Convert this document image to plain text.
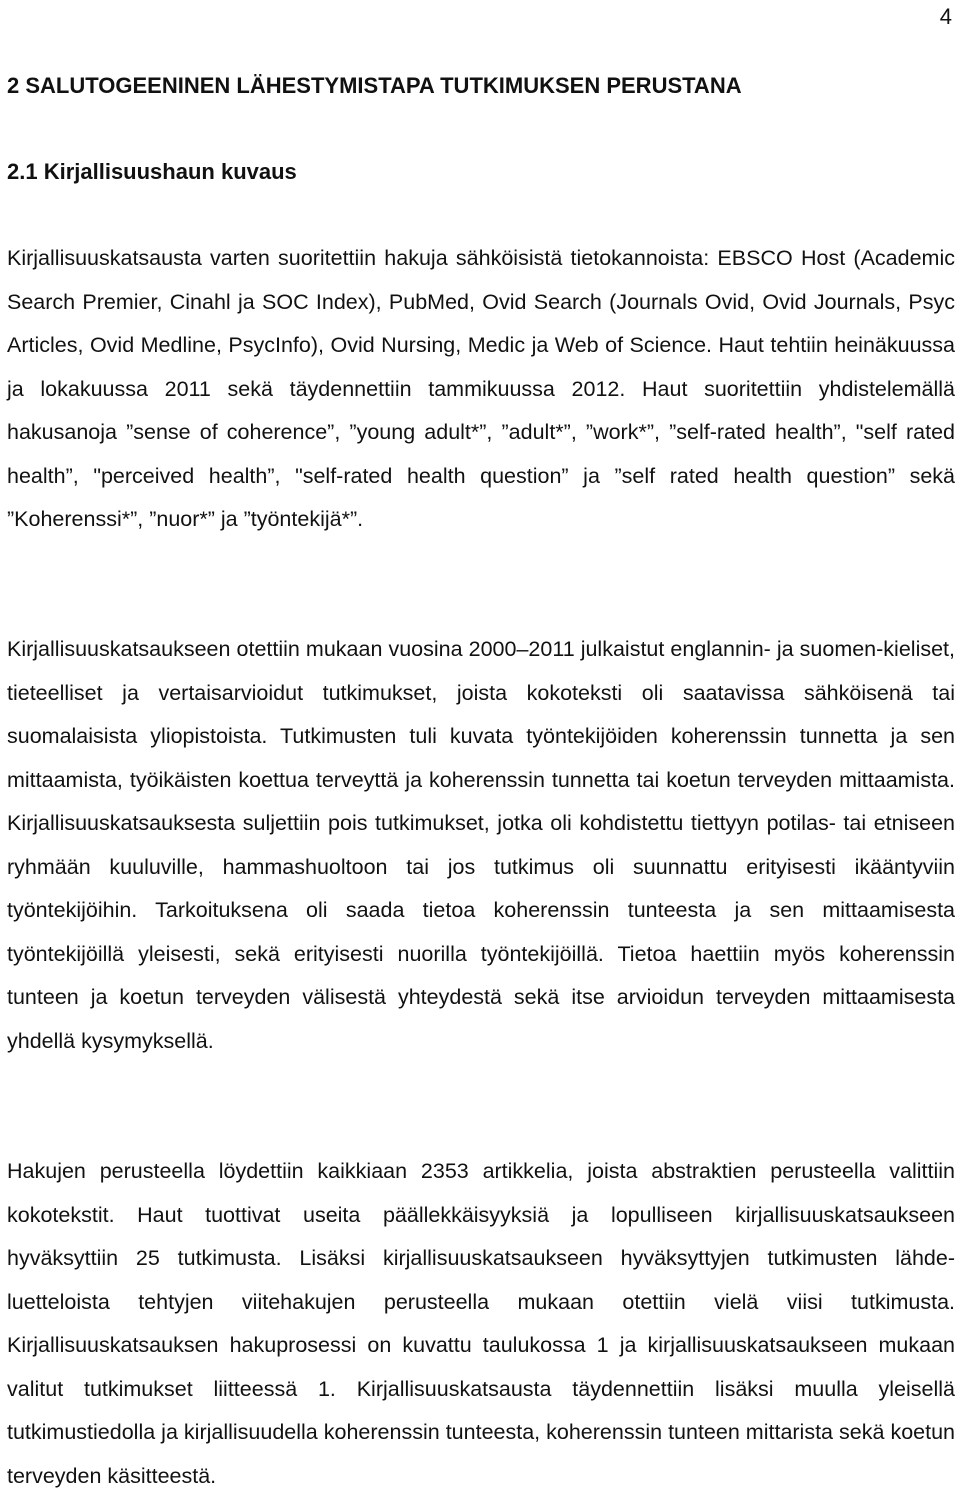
4
2 SALUTOGEENINEN LÄHESTYMISTAPA TUTKIMUKSEN PERUSTANA
2.1 Kirjallisuushaun kuvaus

Kirjallisuuskatsausta varten suoritettiin hakuja sähköisistä tietokannoista: EBSCO Host (Academic Search Premier, Cinahl ja SOC Index), PubMed, Ovid Search (Journals Ovid, Ovid Journals, Psyc Articles, Ovid Medline, PsycInfo), Ovid Nursing, Medic ja Web of Science. Haut tehtiin heinäkuussa ja lokakuussa 2011 sekä täydennettiin tammikuussa 2012. Haut suoritettiin yhdistelemällä hakusanoja ”sense of coherence”, ”young adult*”, ”adult*”, ”work*”, ”self-rated health”, "self rated health”, "perceived health”, "self-rated health question” ja ”self rated health question” sekä ”Koherenssi*”, ”nuor*” ja ”työntekijä*”.

Kirjallisuuskatsaukseen otettiin mukaan vuosina 2000–2011 julkaistut englannin- ja suomen-kieliset, tieteelliset ja vertaisarvioidut tutkimukset, joista kokoteksti oli saatavissa sähköisenä tai suomalaisista yliopistoista. Tutkimusten tuli kuvata työntekijöiden koherenssin tunnetta ja sen mittaamista, työikäisten koettua terveyttä ja koherenssin tunnetta tai koetun terveyden mittaamista. Kirjallisuuskatsauksesta suljettiin pois tutkimukset, jotka oli kohdistettu tiettyyn potilas- tai etniseen ryhmään kuuluville, hammashuoltoon tai jos tutkimus oli suunnattu erityisesti ikääntyviin työntekijöihin. Tarkoituksena oli saada tietoa koherenssin tunteesta ja sen mittaamisesta työntekijöillä yleisesti, sekä erityisesti nuorilla työntekijöillä. Tietoa haettiin myös koherenssin tunteen ja koetun terveyden välisestä yhteydestä sekä itse arvioidun terveyden mittaamisesta yhdellä kysymyksellä.

Hakujen perusteella löydettiin kaikkiaan 2353 artikkelia, joista abstraktien perusteella valittiin kokotekstit. Haut tuottivat useita päällekkäisyyksiä ja lopulliseen kirjallisuuskatsaukseen hyväksyttiin 25 tutkimusta. Lisäksi kirjallisuuskatsaukseen hyväksyttyjen tutkimusten lähde-luetteloista tehtyjen viitehakujen perusteella mukaan otettiin vielä viisi tutkimusta. Kirjallisuuskatsauksen hakuprosessi on kuvattu taulukossa 1 ja kirjallisuuskatsaukseen mukaan valitut tutkimukset liitteessä 1. Kirjallisuuskatsausta täydennettiin lisäksi muulla yleisellä tutkimustiedolla ja kirjallisuudella koherenssin tunteesta, koherenssin tunteen mittarista sekä koetun terveyden käsitteestä.
